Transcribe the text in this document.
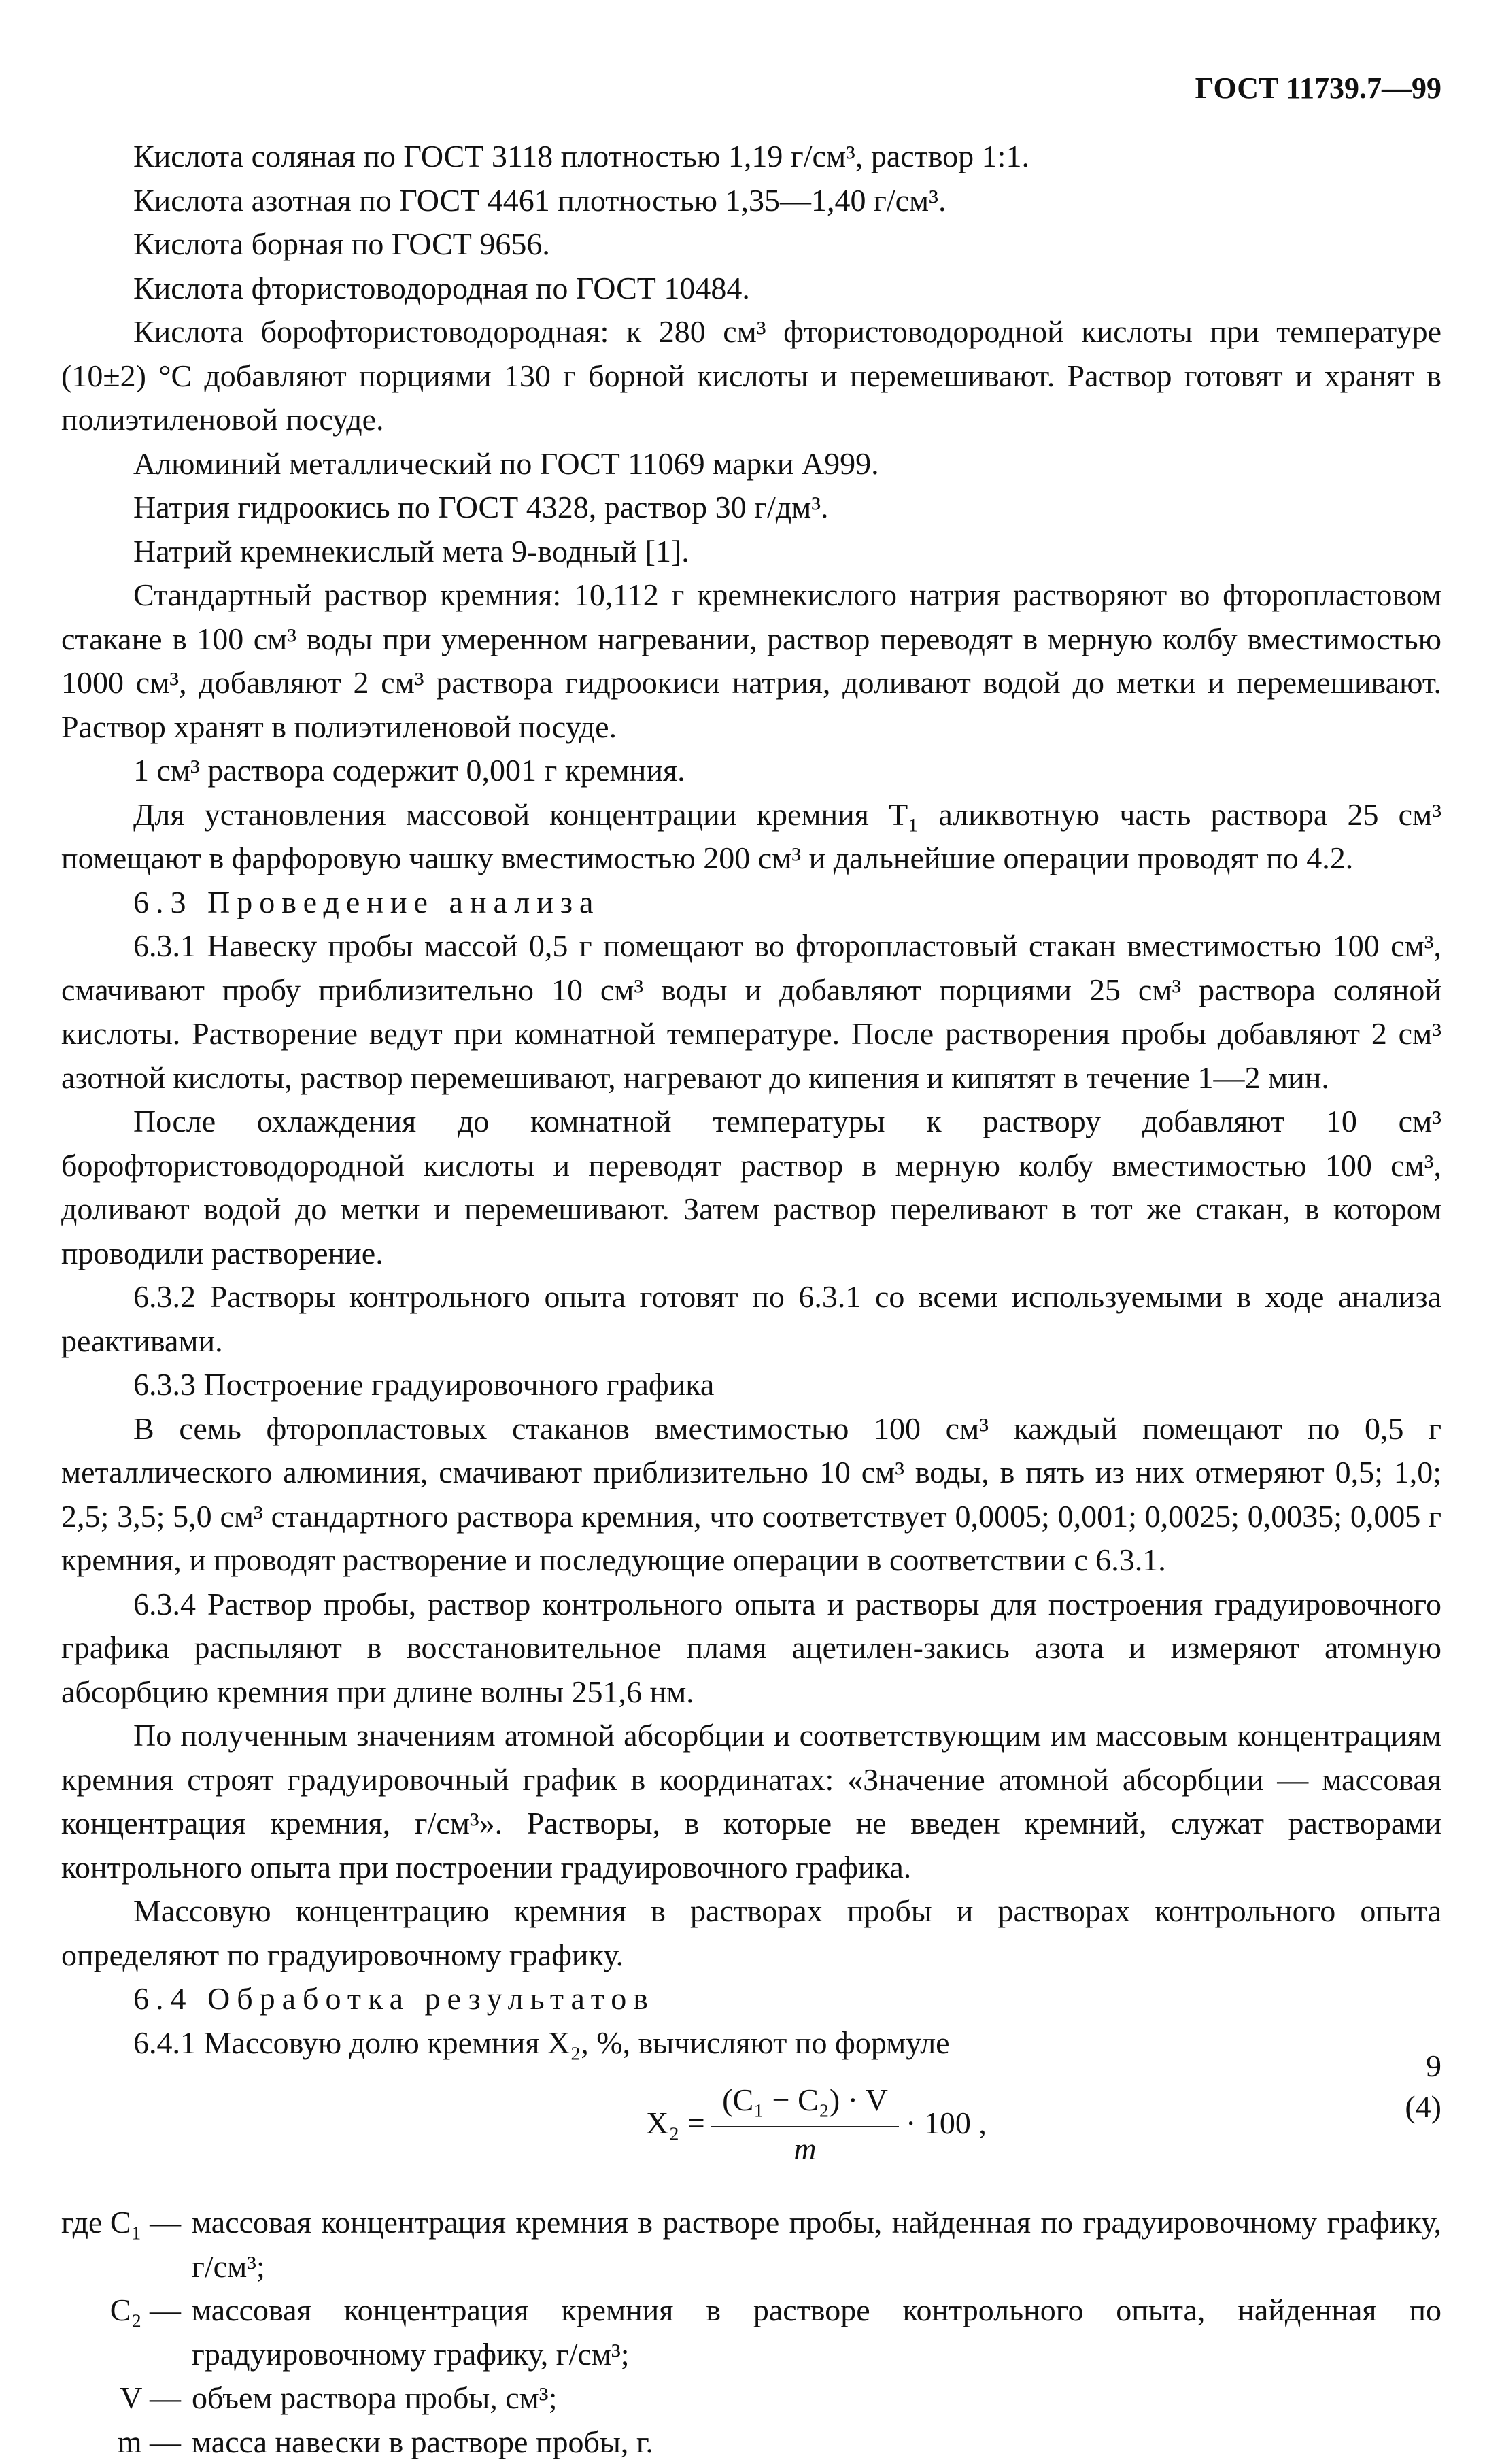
ГОСТ 11739.7—99

Кислота соляная по ГОСТ 3118 плотностью 1,19 г/см³, раствор 1:1.

Кислота азотная по ГОСТ 4461 плотностью 1,35—1,40 г/см³.

Кислота борная по ГОСТ 9656.

Кислота фтористоводородная по ГОСТ 10484.

Кислота борофтористоводородная: к 280 см³ фтористоводородной кислоты при температуре (10±2) °С добавляют порциями 130 г борной кислоты и перемешивают. Раствор готовят и хранят в полиэтиленовой посуде.

Алюминий металлический по ГОСТ 11069 марки А999.

Натрия гидроокись по ГОСТ 4328, раствор 30 г/дм³.

Натрий кремнекислый мета 9-водный [1].

Стандартный раствор кремния: 10,112 г кремнекислого натрия растворяют во фторопластовом стакане в 100 см³ воды при умеренном нагревании, раствор переводят в мерную колбу вместимостью 1000 см³, добавляют 2 см³ раствора гидроокиси натрия, доливают водой до метки и перемешивают. Раствор хранят в полиэтиленовой посуде.

1 см³ раствора содержит 0,001 г кремния.

Для установления массовой концентрации кремния T₁ аликвотную часть раствора 25 см³ помещают в фарфоровую чашку вместимостью 200 см³ и дальнейшие операции проводят по 4.2.

6.3 Проведение анализа

6.3.1 Навеску пробы массой 0,5 г помещают во фторопластовый стакан вместимостью 100 см³, смачивают пробу приблизительно 10 см³ воды и добавляют порциями 25 см³ раствора соляной кислоты. Растворение ведут при комнатной температуре. После растворения пробы добавляют 2 см³ азотной кислоты, раствор перемешивают, нагревают до кипения и кипятят в течение 1—2 мин.

После охлаждения до комнатной температуры к раствору добавляют 10 см³ борофтористоводородной кислоты и переводят раствор в мерную колбу вместимостью 100 см³, доливают водой до метки и перемешивают. Затем раствор переливают в тот же стакан, в котором проводили растворение.

6.3.2 Растворы контрольного опыта готовят по 6.3.1 со всеми используемыми в ходе анализа реактивами.

6.3.3 Построение градуировочного графика

В семь фторопластовых стаканов вместимостью 100 см³ каждый помещают по 0,5 г металлического алюминия, смачивают приблизительно 10 см³ воды, в пять из них отмеряют 0,5; 1,0; 2,5; 3,5; 5,0 см³ стандартного раствора кремния, что соответствует 0,0005; 0,001; 0,0025; 0,0035; 0,005 г кремния, и проводят растворение и последующие операции в соответствии с 6.3.1.

6.3.4 Раствор пробы, раствор контрольного опыта и растворы для построения градуировочного графика распыляют в восстановительное пламя ацетилен-закись азота и измеряют атомную абсорбцию кремния при длине волны 251,6 нм.

По полученным значениям атомной абсорбции и соответствующим им массовым концентрациям кремния строят градуировочный график в координатах: «Значение атомной абсорбции — массовая концентрация кремния, г/см³». Растворы, в которые не введен кремний, служат растворами контрольного опыта при построении градуировочного графика.

Массовую концентрацию кремния в растворах пробы и растворах контрольного опыта определяют по градуировочному графику.

6.4 Обработка результатов

6.4.1 Массовую долю кремния X₂, %, вычисляют по формуле

X₂ =
(C₁ − C₂) · V
m
· 100 ,	(4)
где C₁ — массовая концентрация кремния в растворе пробы, найденная по градуировочному графику, г/см³;
C₂ — массовая концентрация кремния в растворе контрольного опыта, найденная по градуировочному графику, г/см³;
V — объем раствора пробы, см³;
m — масса навески в растворе пробы, г.
9
